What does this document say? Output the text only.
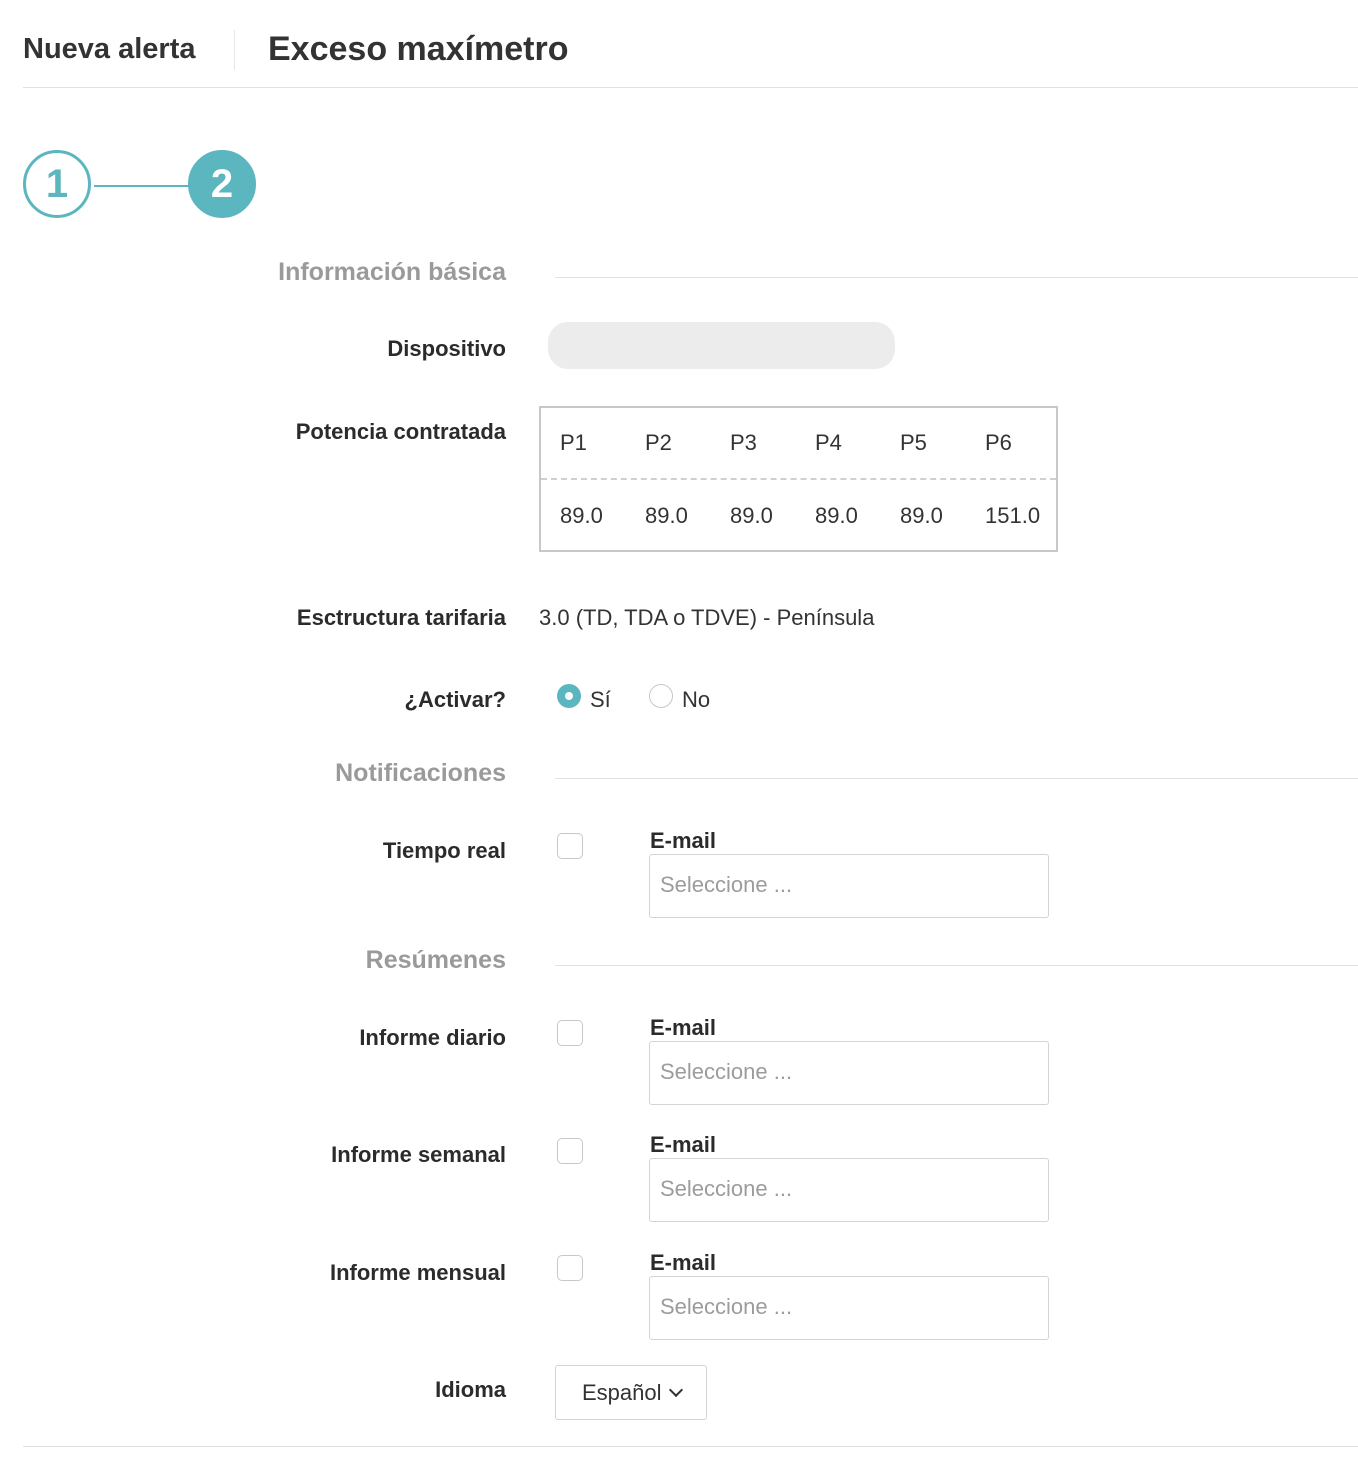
Nueva alerta Exceso maxímetro
1	2
Información básica
Dispositivo
Potencia contratada P1	P2	P3	P4	P5	P6
89.0 89.0 89.0 89.0 89.0 151.0
Esctructura tarifaria 3.0 (TD, TDA o TDVE) - Península
¿Activar?	Sí	No
Notificaciones
Tiempo real	E-mail
Seleccione ...
Resúmenes
Informe diario	E-mail
Seleccione ...
Informe semanal	E-mail
Seleccione ...
Informe mensual	E-mail
Seleccione ...
Idioma	Español
